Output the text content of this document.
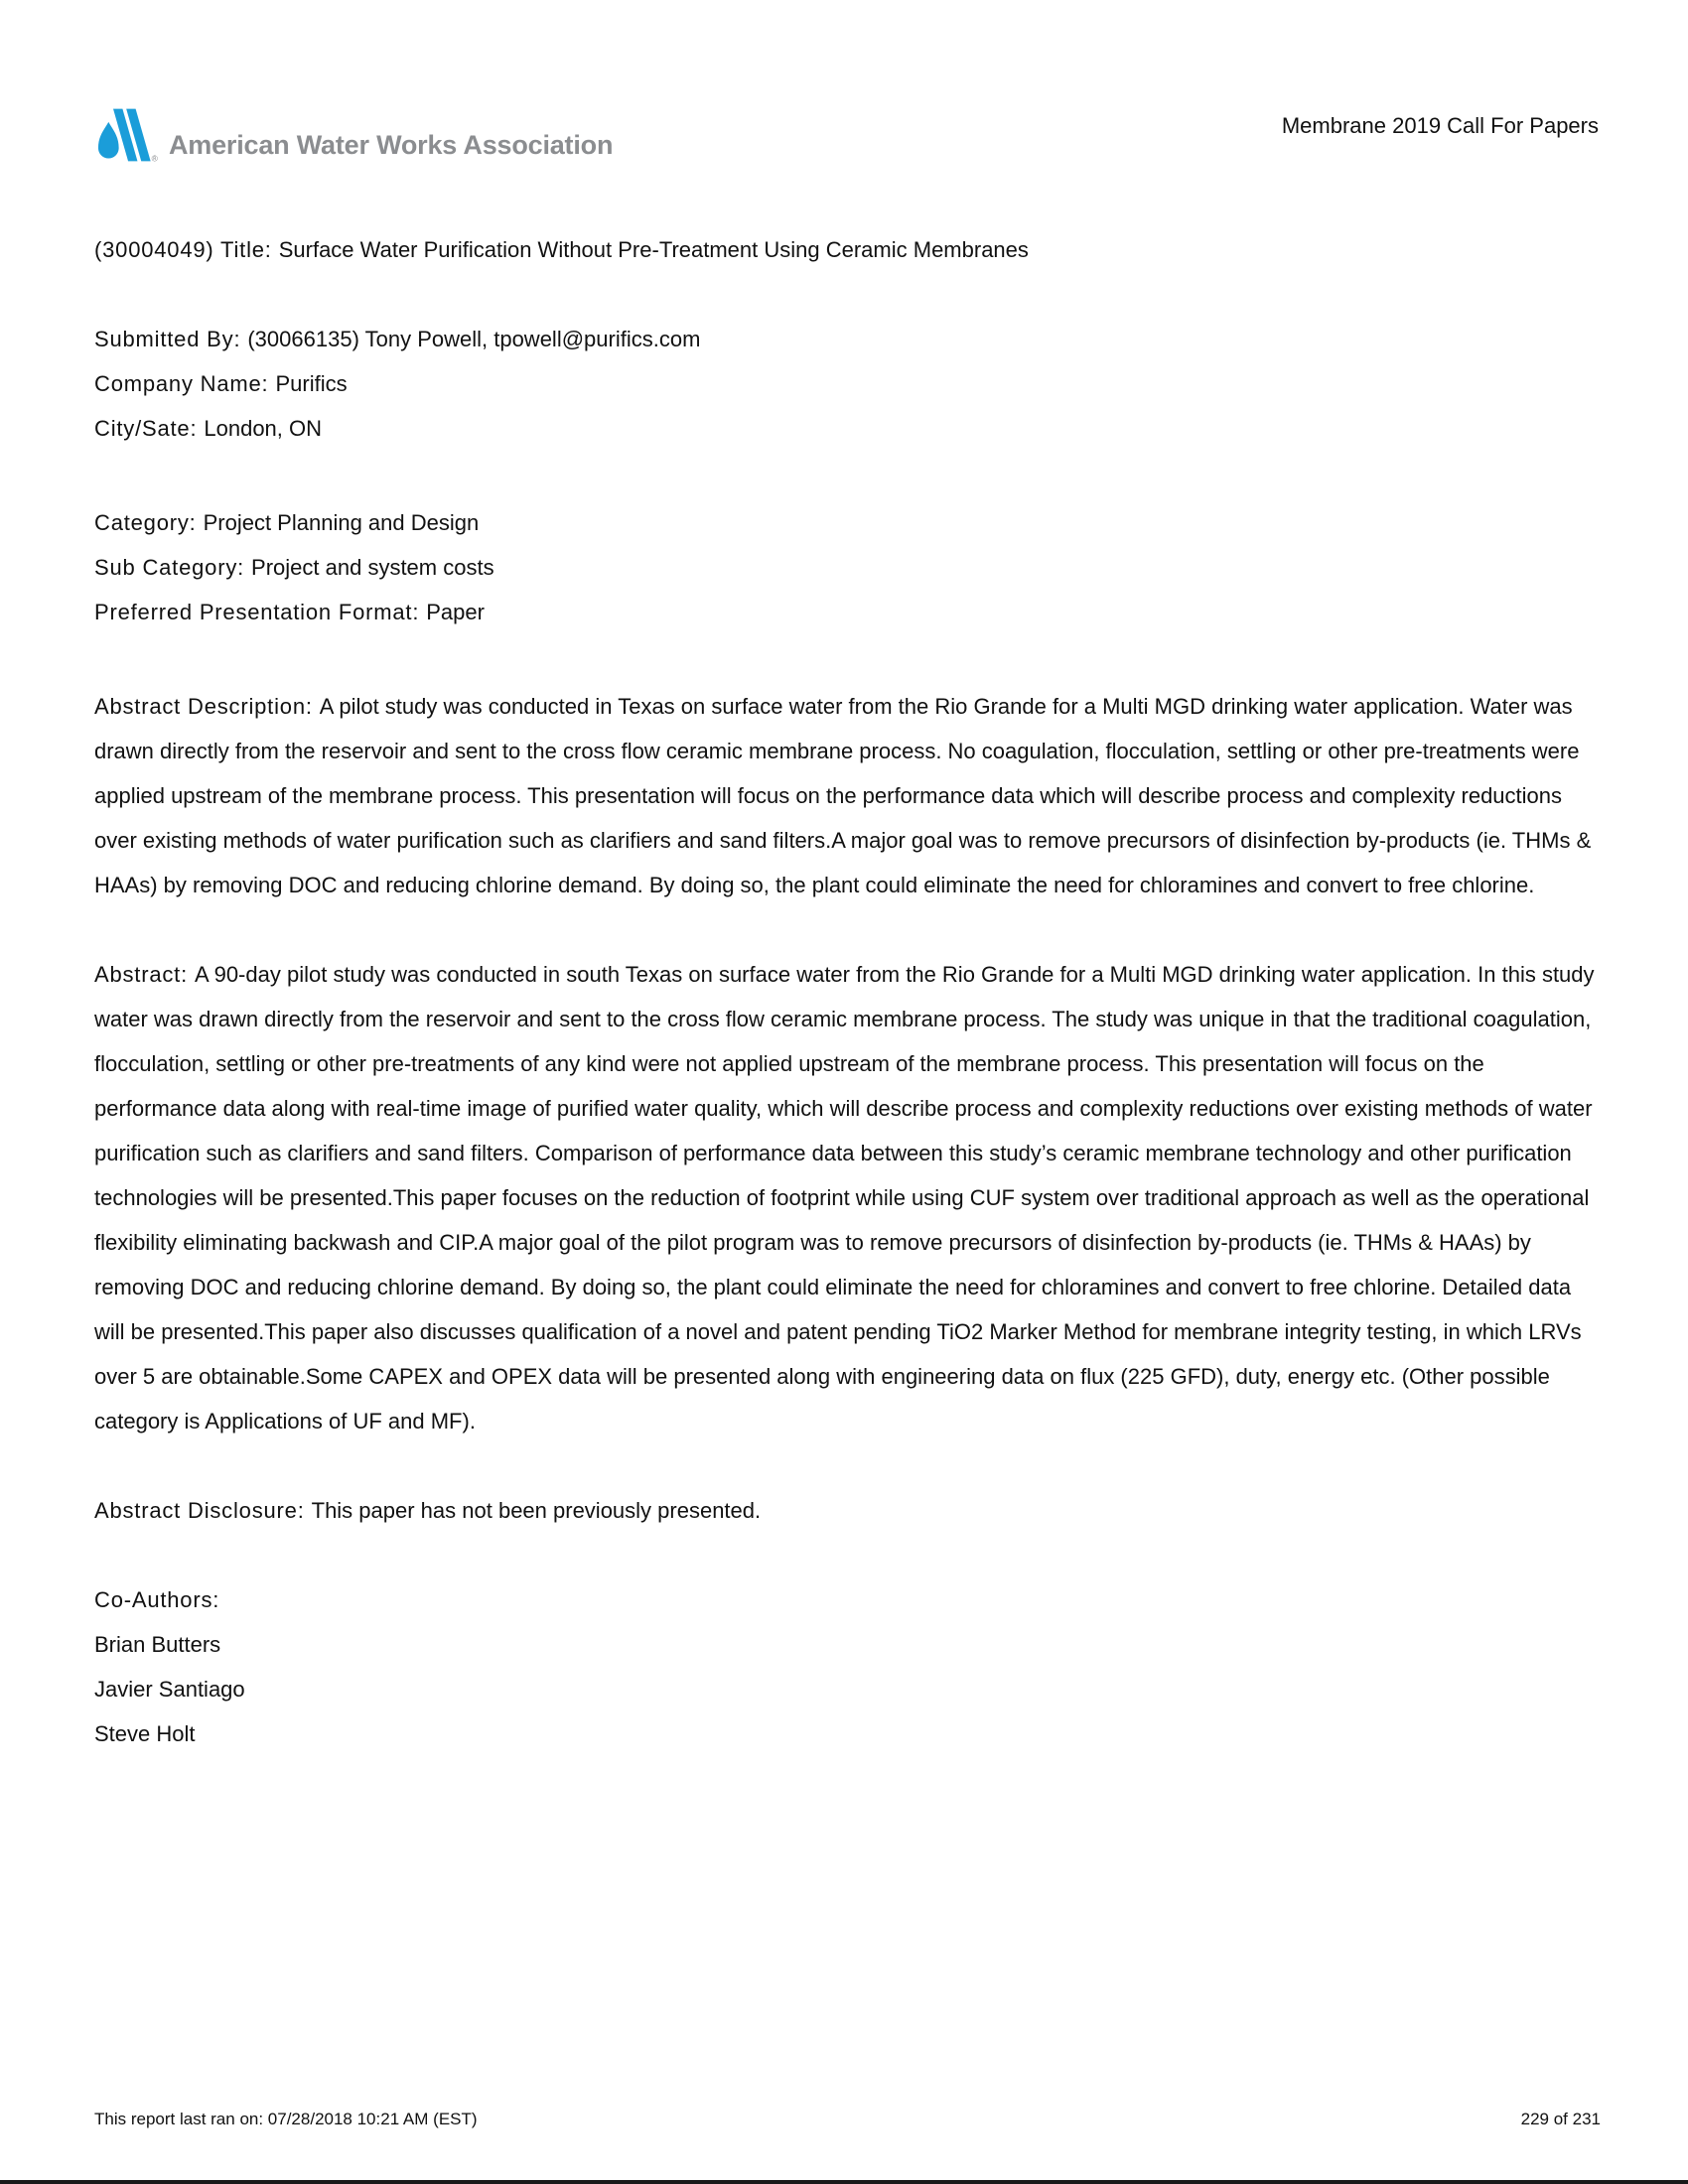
® American Water Works Association
Membrane 2019 Call For Papers

(30004049) Title: Surface Water Purification Without Pre-Treatment Using Ceramic Membranes

Submitted By: (30066135) Tony Powell, tpowell@purifics.com
Company Name: Purifics
City/Sate: London, ON
Category: Project Planning and Design
Sub Category: Project and system costs
Preferred Presentation Format: Paper

Abstract Description: A pilot study was conducted in Texas on surface water from the Rio Grande for a Multi MGD drinking water application. Water was drawn directly from the reservoir and sent to the cross flow ceramic membrane process. No coagulation, flocculation, settling or other pre-treatments were applied upstream of the membrane process. This presentation will focus on the performance data which will describe process and complexity reductions over existing methods of water purification such as clarifiers and sand filters.A major goal was to remove precursors of disinfection by-products (ie. THMs & HAAs) by removing DOC and reducing chlorine demand. By doing so, the plant could eliminate the need for chloramines and convert to free chlorine.

Abstract: A 90-day pilot study was conducted in south Texas on surface water from the Rio Grande for a Multi MGD drinking water application. In this study water was drawn directly from the reservoir and sent to the cross flow ceramic membrane process. The study was unique in that the traditional coagulation, flocculation, settling or other pre-treatments of any kind were not applied upstream of the membrane process. This presentation will focus on the performance data along with real-time image of purified water quality, which will describe process and complexity reductions over existing methods of water purification such as clarifiers and sand filters. Comparison of performance data between this study’s ceramic membrane technology and other purification technologies will be presented.This paper focuses on the reduction of footprint while using CUF system over traditional approach as well as the operational flexibility eliminating backwash and CIP.A major goal of the pilot program was to remove precursors of disinfection by-products (ie. THMs & HAAs) by removing DOC and reducing chlorine demand. By doing so, the plant could eliminate the need for chloramines and convert to free chlorine. Detailed data will be presented.This paper also discusses qualification of a novel and patent pending TiO2 Marker Method for membrane integrity testing, in which LRVs over 5 are obtainable.Some CAPEX and OPEX data will be presented along with engineering data on flux (225 GFD), duty, energy etc. (Other possible category is Applications of UF and MF).

Abstract Disclosure: This paper has not been previously presented.

Co-Authors:
Brian Butters
Javier Santiago
Steve Holt
This report last ran on: 07/28/2018 10:21 AM (EST)	229 of 231
